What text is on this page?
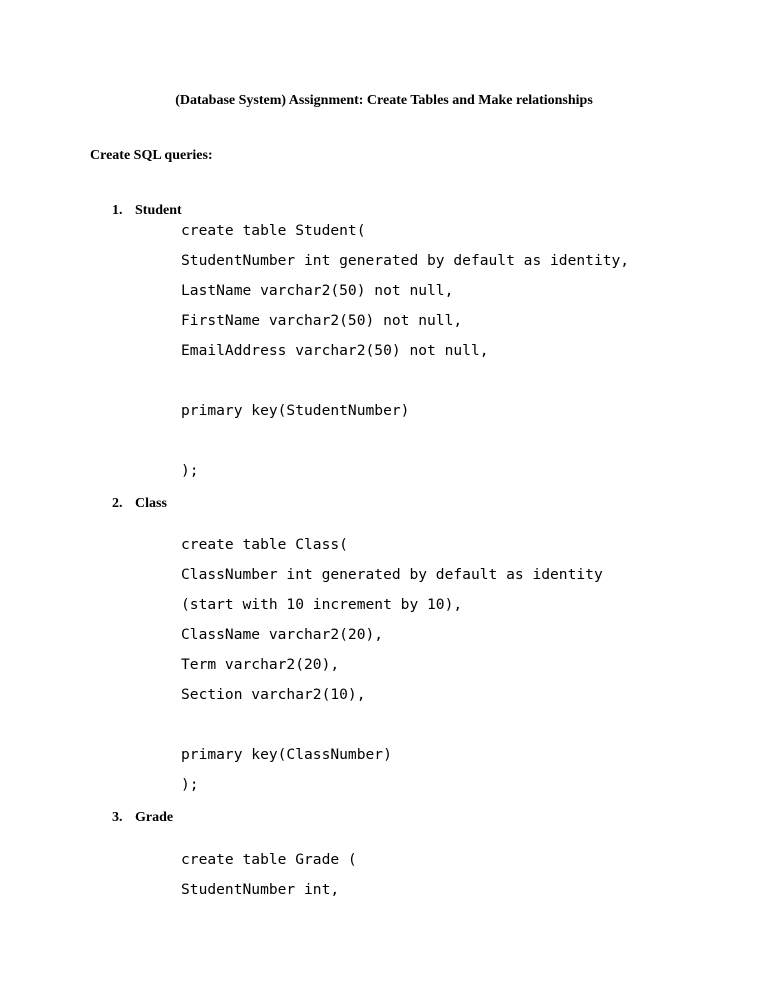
(Database System) Assignment: Create Tables and Make relationships
Create SQL queries:
1. Student
create table Student(
StudentNumber int generated by default as identity,
LastName varchar2(50) not null,
FirstName varchar2(50) not null,
EmailAddress varchar2(50) not null,
primary key(StudentNumber)
);
2. Class
create table Class(
ClassNumber int generated by default as identity
(start with 10 increment by 10),
ClassName varchar2(20),
Term varchar2(20),
Section varchar2(10),
primary key(ClassNumber)
);
3. Grade
create table Grade (
StudentNumber int,
